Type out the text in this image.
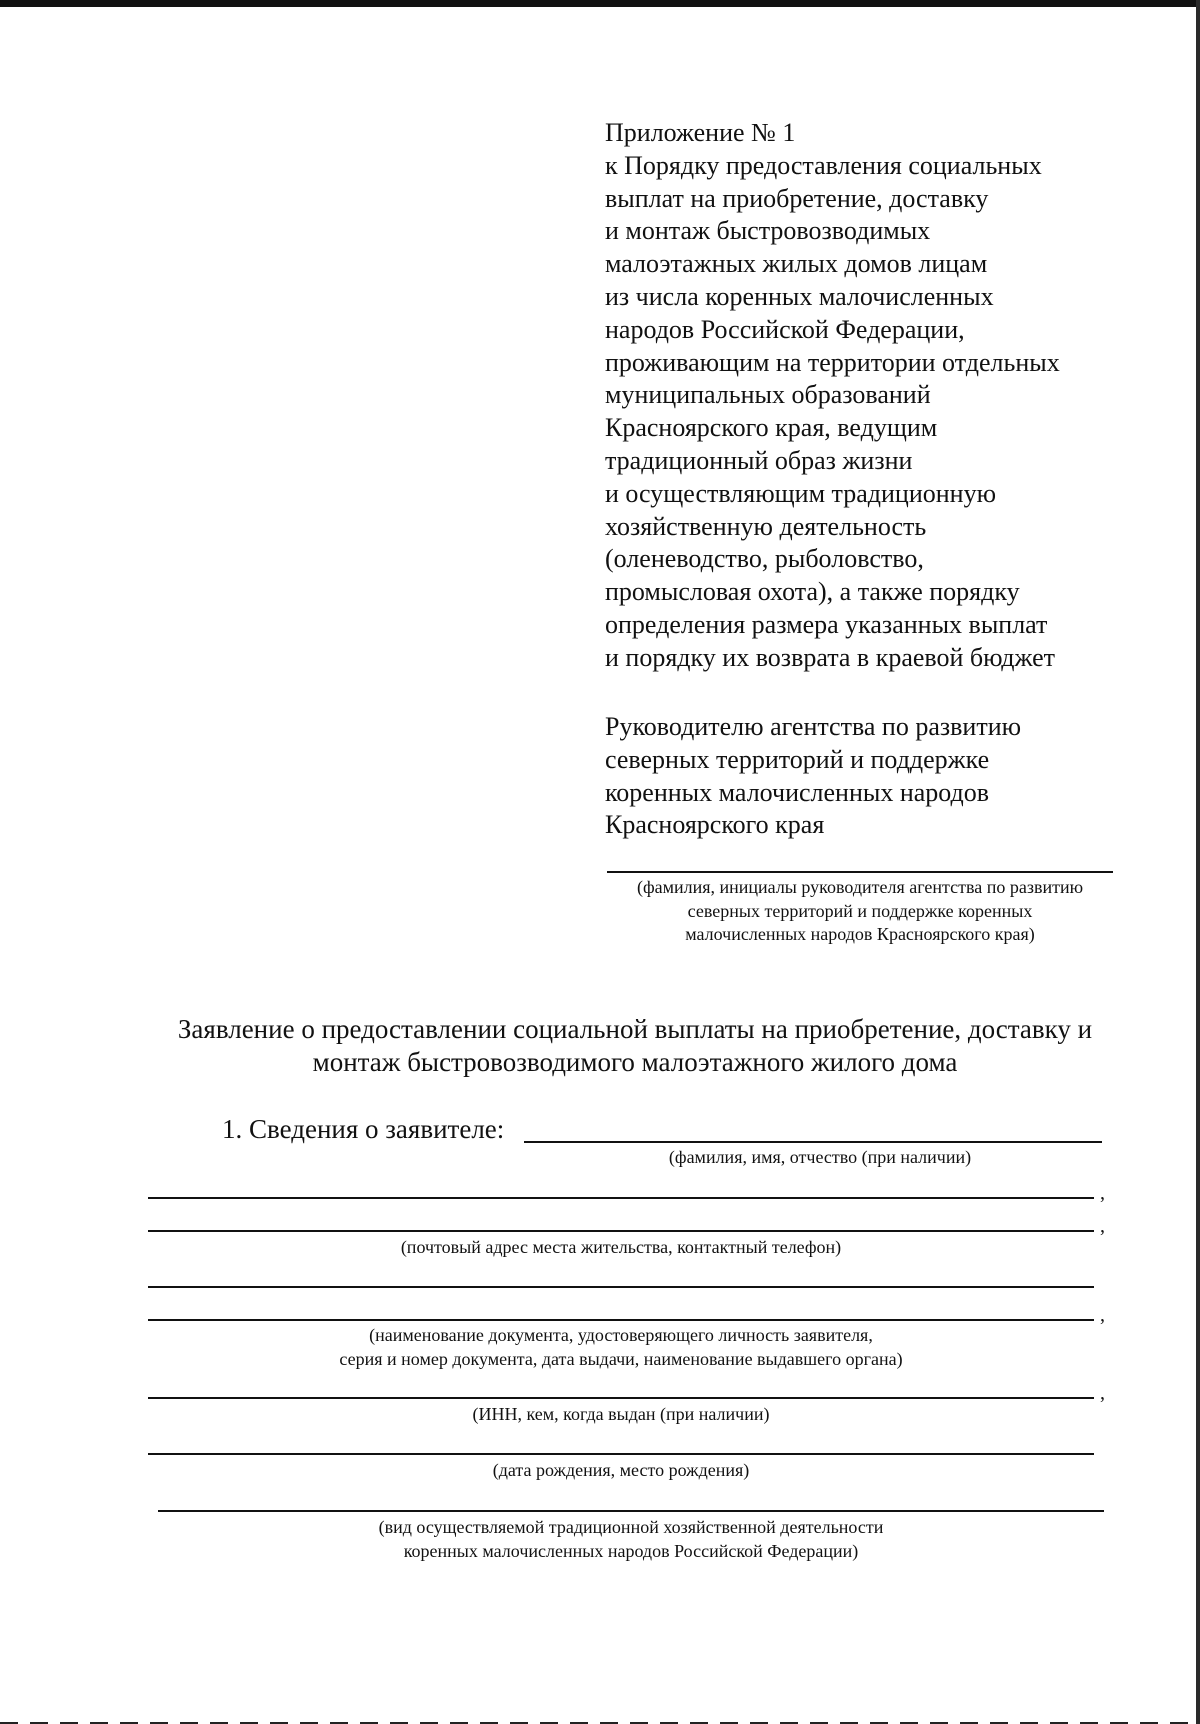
Приложение № 1
к Порядку предоставления социальных
выплат на приобретение, доставку
и монтаж быстровозводимых
малоэтажных жилых домов лицам
из числа коренных малочисленных
народов Российской Федерации,
проживающим на территории отдельных
муниципальных образований
Красноярского края, ведущим
традиционный образ жизни
и осуществляющим традиционную
хозяйственную деятельность
(оленеводство, рыболовство,
промысловая охота), а также порядку
определения размера указанных выплат
и порядку их возврата в краевой бюджет
Руководителю агентства по развитию
северных территорий и поддержке
коренных малочисленных народов
Красноярского края
(фамилия, инициалы руководителя агентства по развитию
северных территорий и поддержке коренных
малочисленных народов Красноярского края)
Заявление о предоставлении социальной выплаты на приобретение, доставку и
монтаж быстровозводимого малоэтажного жилого дома
1. Сведения о заявителе:
(фамилия, имя, отчество (при наличии)
,
,
(почтовый адрес места жительства, контактный телефон)
,
(наименование документа, удостоверяющего личность заявителя,
серия и номер документа, дата выдачи, наименование выдавшего органа)
,
(ИНН, кем, когда выдан (при наличии)
(дата рождения, место рождения)
(вид осуществляемой традиционной хозяйственной деятельности
коренных малочисленных народов Российской Федерации)
